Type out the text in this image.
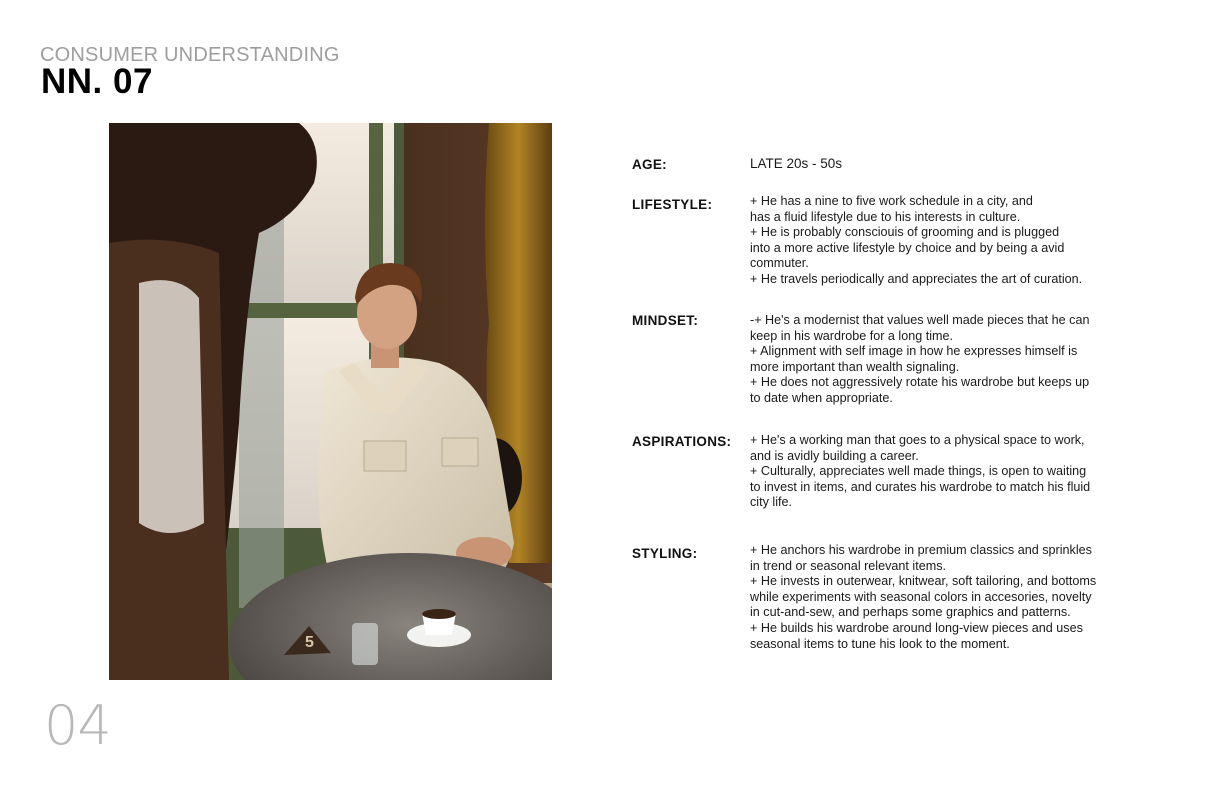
CONSUMER UNDERSTANDING
NN. 07
5
04
AGE:	LATE 20s - 50s
LIFESTYLE:	+ He has a nine to five work schedule in a city, and
has a fluid lifestyle due to his interests in culture.
+ He is probably consciouis of grooming and is plugged
into a more active lifestyle by choice and by being a avid
commuter.
+ He travels periodically and appreciates the art of curation.
MINDSET:	-+ He's a modernist that values well made pieces that he can
keep in his wardrobe for a long time.
+ Alignment with self image in how he expresses himself is
more important than wealth signaling.
+ He does not aggressively rotate his wardrobe but keeps up
to date when appropriate.
ASPIRATIONS: + He's a working man that goes to a physical space to work,
and is avidly building a career.
+ Culturally, appreciates well made things, is open to waiting
to invest in items, and curates his wardrobe to match his fluid
city life.
STYLING:	+ He anchors his wardrobe in premium classics and sprinkles
in trend or seasonal relevant items.
+ He invests in outerwear, knitwear, soft tailoring, and bottoms
while experiments with seasonal colors in accesories, novelty
in cut-and-sew, and perhaps some graphics and patterns.
+ He builds his wardrobe around long-view pieces and uses
seasonal items to tune his look to the moment.
